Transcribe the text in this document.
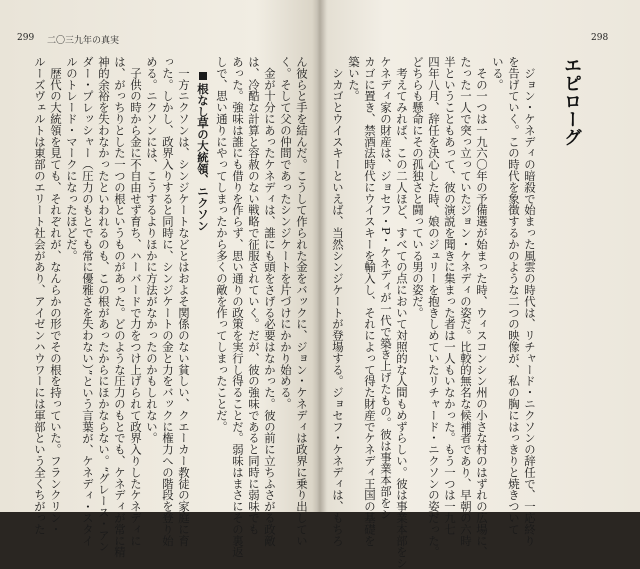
299 二〇三九年の真実	298
エピローグ
　ジョン・ケネディの暗殺で始まった風雲の時代は、リチャード・ニクソンの辞任で、一応終り
を告げていく。この時代を象徴するかのような二つの映像が、私の胸にはっきりと焼きついて
いる。
　その一つは一九六〇年の予備選が始まった時、ウィスコンシン州の小さな村のはずれの広場に、
たった一人で突っ立っていたジョン・ケネディの姿だ。比較的無名な候補者であり、早朝の六時
半ということもあって、彼の演説を聞きに集まった者は一人もいなかった。もう一つは一九七
四年八月、辞任を決心した時、娘のジュリーを抱きしめていたリチャード・ニクソンの姿だった。
どちらも懸命にその孤独さと闘っている男の姿だ。
　考えてみれば、この二人ほど、すべての点において対照的な人間もめずらしい。彼は事業本部をシ
ケネディ家の財産は、ジョセフ・P・ケネディが一代で築き上げたもの。彼は事業本部をシ
カゴに置き、禁酒法時代にウイスキーを輸入し、それによって得た財産でケネディ王国の基礎を
築いた。
　シカゴとウイスキーといえば、当然シンジケートが登場する。ジョセフ・ケネディは、もちろ
ん彼らと手を結んだ。こうして作られた金をバックに、ジョン・ケネディは政界に乗り出してい
く。そして父の仲間であったシンジケートを片づけにかかり始める。
　金が十分にあったケネディは、誰にも頭をさげる必要はなかった。彼の前に立ちふさがる政敵
は、冷酷な計算と容赦のない戦略で征服されていく。だが、彼の強味であると同時に弱味でも
あった。強味は誰にも借りを作らず、思い通りの政策を実行し得ることだ。弱味はまさにその裏返
しで、思い通りにやってしまったから多くの敵を作ってしまったことだ。
根なし草の大統領、ニクソン
　一方ニクソンは、シンジケートなどとはおよそ関係のない貧しい、クエーカー教徒の家庭に育
った。しかし、政界入りすると同時に、シンジケートの金と力をバックに権力への階段を登り始
める。ニクソンには、こうするよりほかに方法がなかったのかもしれない。
　子供の時から金に不自由せず育ち、ハーバードで力をつけ上げられて政界入りしたケネディに
は、がっちりとした一つの根というものがあった。どのような圧力のもとでも、ケネディが常に精
神的余裕を失わなかったといわれるのも、この根があったからにほかならない。“グレース・アン
ダー・プレッシャー（圧力のもとでも常に優雅さを失わない）”という言葉が、ケネディ・スタイ
ルのトレード・マークになったほどだ。
　歴代の大統領を見ても、それぞれが、なんらかの形でその根を持っていた。フランクリン・
ルーズヴェルトは東部のエリート社会があり、アイゼンハウワーには軍部という全くちがった
